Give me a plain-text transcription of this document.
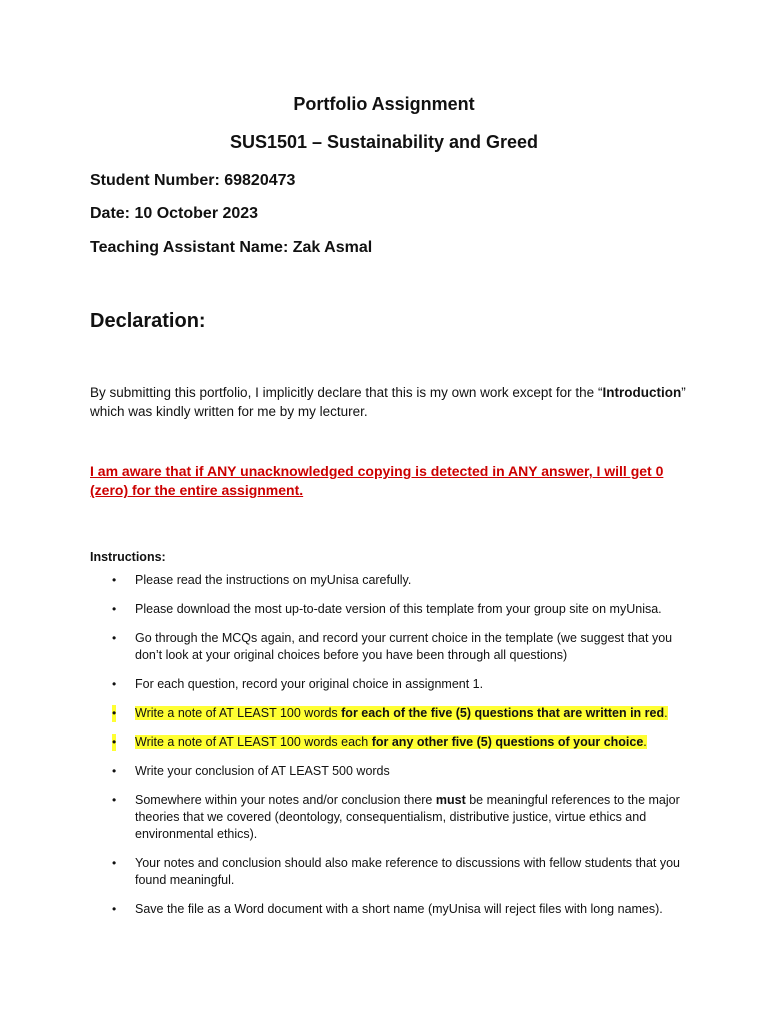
Portfolio Assignment
SUS1501 – Sustainability and Greed
Student Number: 69820473
Date: 10 October 2023
Teaching Assistant Name: Zak Asmal
Declaration:
By submitting this portfolio, I implicitly declare that this is my own work except for the “Introduction” which was kindly written for me by my lecturer.
I am aware that if ANY unacknowledged copying is detected in ANY answer, I will get 0 (zero) for the entire assignment.
Instructions:
• Please read the instructions on myUnisa carefully.
• Please download the most up-to-date version of this template from your group site on myUnisa.
• Go through the MCQs again, and record your current choice in the template (we suggest that you don’t look at your original choices before you have been through all questions)
• For each question, record your original choice in assignment 1.
• Write a note of AT LEAST 100 words for each of the five (5) questions that are written in red.
• Write a note of AT LEAST 100 words each for any other five (5) questions of your choice.
• Write your conclusion of AT LEAST 500 words
• Somewhere within your notes and/or conclusion there must be meaningful references to the major theories that we covered (deontology, consequentialism, distributive justice, virtue ethics and environmental ethics).
• Your notes and conclusion should also make reference to discussions with fellow students that you found meaningful.
• Save the file as a Word document with a short name (myUnisa will reject files with long names).
